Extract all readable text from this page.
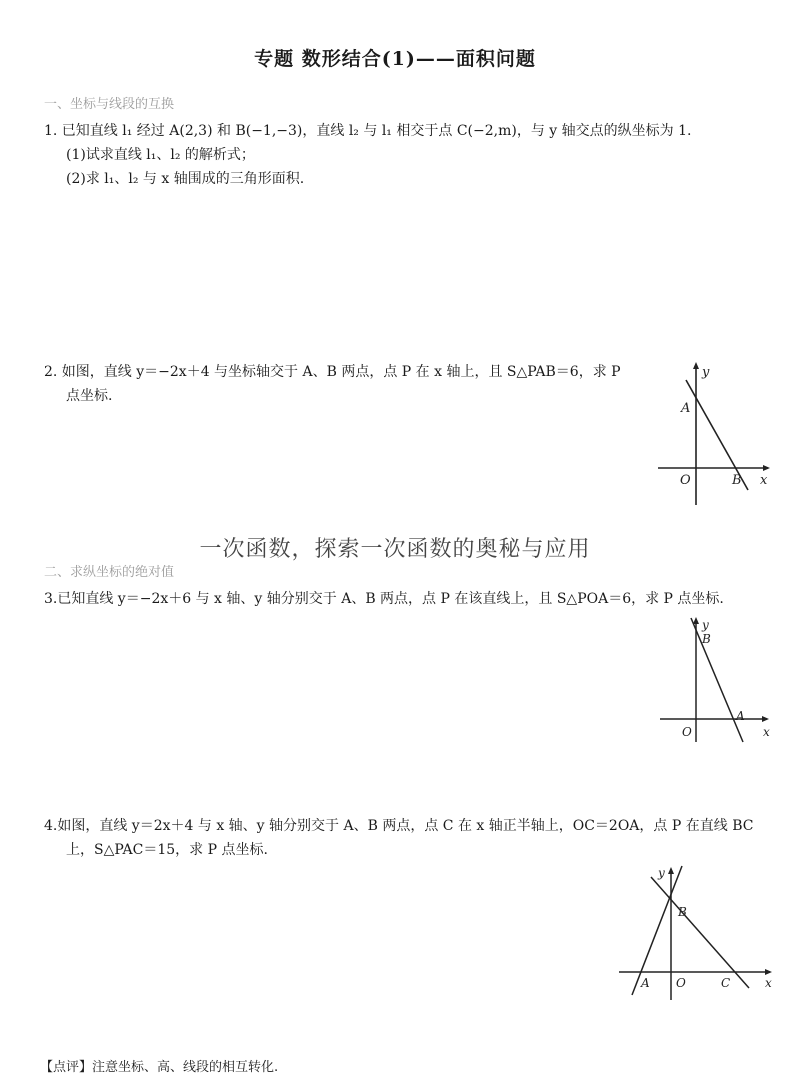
专题 数形结合(1)——面积问题
一、坐标与线段的互换
1. 已知直线 l₁ 经过 A(2,3) 和 B(−1,−3)，直线 l₂ 与 l₁ 相交于点 C(−2,m)，与 y 轴交点的纵坐标为 1.
(1)试求直线 l₁、l₂ 的解析式；
(2)求 l₁、l₂ 与 x 轴围成的三角形面积.
2. 如图，直线 y＝−2x＋4 与坐标轴交于 A、B 两点，点 P 在 x 轴上，且 S△PAB＝6，求 P
点坐标.
y
A
O	B x
一次函数，探索一次函数的奥秘与应用
二、求纵坐标的绝对值
3.已知直线 y＝−2x＋6 与 x 轴、y 轴分别交于 A、B 两点，点 P 在该直线上，且 S△POA＝6，求 P 点坐标.
y
B
A
O	x
4.如图，直线 y＝2x＋4 与 x 轴、y 轴分别交于 A、B 两点，点 C 在 x 轴正半轴上，OC＝2OA，点 P 在直线 BC
上，S△PAC＝15，求 P 点坐标.
y
B
A O	C	x
【点评】注意坐标、高、线段的相互转化.
